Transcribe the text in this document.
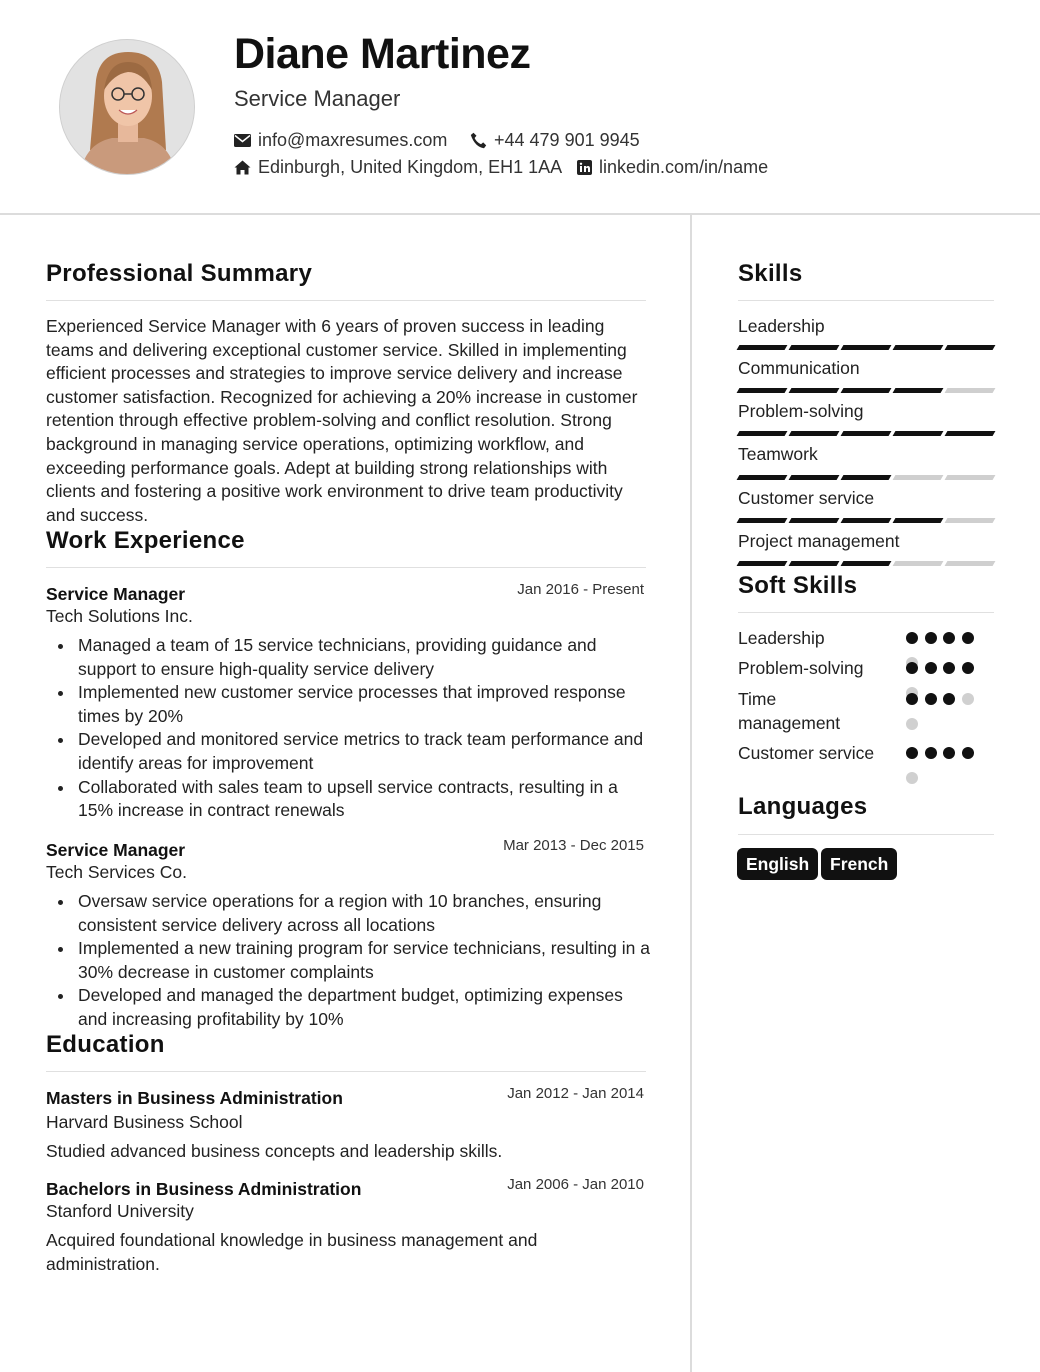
Diane Martinez
Service Manager
info@maxresumes.com	+44 479 901 9945
Edinburgh, United Kingdom, EH1 1AA linkedin.com/in/name
Professional Summary

Experienced Service Manager with 6 years of proven success in leading teams and delivering exceptional customer service. Skilled in implementing efficient processes and strategies to improve service delivery and increase customer satisfaction. Recognized for achieving a 20% increase in customer retention through effective problem-solving and conflict resolution. Strong background in managing service operations, optimizing workflow, and exceeding performance goals. Adept at building strong relationships with clients and fostering a positive work environment to drive team productivity and success.

Work Experience
Service Manager	Jan 2016 - Present
Tech Solutions Inc.
Managed a team of 15 service technicians, providing guidance and support to ensure high-quality service delivery
Implemented new customer service processes that improved response times by 20%
Developed and monitored service metrics to track team performance and identify areas for improvement
Collaborated with sales team to upsell service contracts, resulting in a 15% increase in contract renewals
Service Manager	Mar 2013 - Dec 2015
Tech Services Co.
Oversaw service operations for a region with 10 branches, ensuring consistent service delivery across all locations
Implemented a new training program for service technicians, resulting in a 30% decrease in customer complaints
Developed and managed the department budget, optimizing expenses and increasing profitability by 10%
Education
Masters in Business Administration	Jan 2012 - Jan 2014
Harvard Business School

Studied advanced business concepts and leadership skills.

Bachelors in Business Administration	Jan 2006 - Jan 2010
Stanford University

Acquired foundational knowledge in business management and administration.

Skills
Leadership
Communication
Problem-solving
Teamwork
Customer service
Project management
Soft Skills
Leadership
Problem-solving
Time management
Customer service
Languages
English	French
